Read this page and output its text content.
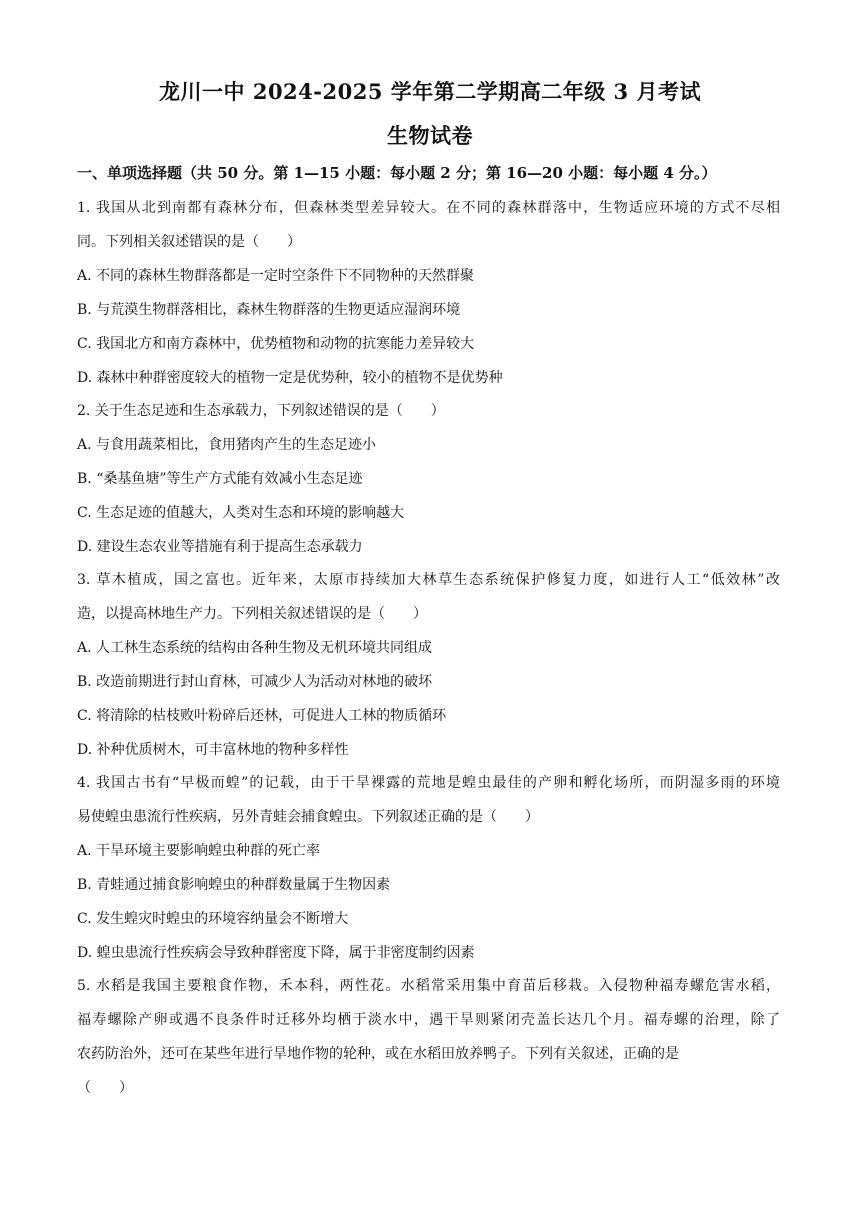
龙川一中 2024-2025 学年第二学期高二年级 3 月考试
生物试卷
一、单项选择题（共 50 分。第 1—15 小题：每小题 2 分；第 16—20 小题：每小题 4 分。）
1. 我国从北到南都有森林分布，但森林类型差异较大。在不同的森林群落中，生物适应环境的方式不尽相
同。下列相关叙述错误的是（　　）
A. 不同的森林生物群落都是一定时空条件下不同物种的天然群聚
B. 与荒漠生物群落相比，森林生物群落的生物更适应湿润环境
C. 我国北方和南方森林中，优势植物和动物的抗寒能力差异较大
D. 森林中种群密度较大的植物一定是优势种，较小的植物不是优势种
2. 关于生态足迹和生态承载力，下列叙述错误的是（　　）
A. 与食用蔬菜相比，食用猪肉产生的生态足迹小
B. “桑基鱼塘”等生产方式能有效减小生态足迹
C. 生态足迹的值越大，人类对生态和环境的影响越大
D. 建设生态农业等措施有利于提高生态承载力
3. 草木植成，国之富也。近年来，太原市持续加大林草生态系统保护修复力度，如进行人工“低效林”改
造，以提高林地生产力。下列相关叙述错误的是（　　）
A. 人工林生态系统的结构由各种生物及无机环境共同组成
B. 改造前期进行封山育林，可减少人为活动对林地的破坏
C. 将清除的枯枝败叶粉碎后还林，可促进人工林的物质循环
D. 补种优质树木，可丰富林地的物种多样性
4. 我国古书有“早极而蝗”的记载，由于干旱裸露的荒地是蝗虫最佳的产卵和孵化场所，而阴湿多雨的环境
易使蝗虫患流行性疾病，另外青蛙会捕食蝗虫。下列叙述正确的是（　　）
A. 干旱环境主要影响蝗虫种群的死亡率
B. 青蛙通过捕食影响蝗虫的种群数量属于生物因素
C. 发生蝗灾时蝗虫的环境容纳量会不断增大
D. 蝗虫患流行性疾病会导致种群密度下降，属于非密度制约因素
5. 水稻是我国主要粮食作物，禾本科，两性花。水稻常采用集中育苗后移栽。入侵物种福寿螺危害水稻，
福寿螺除产卵或遇不良条件时迁移外均栖于淡水中，遇干旱则紧闭壳盖长达几个月。福寿螺的治理，除了
农药防治外，还可在某些年进行旱地作物的轮种，或在水稻田放养鸭子。下列有关叙述，正确的是
（　　）
